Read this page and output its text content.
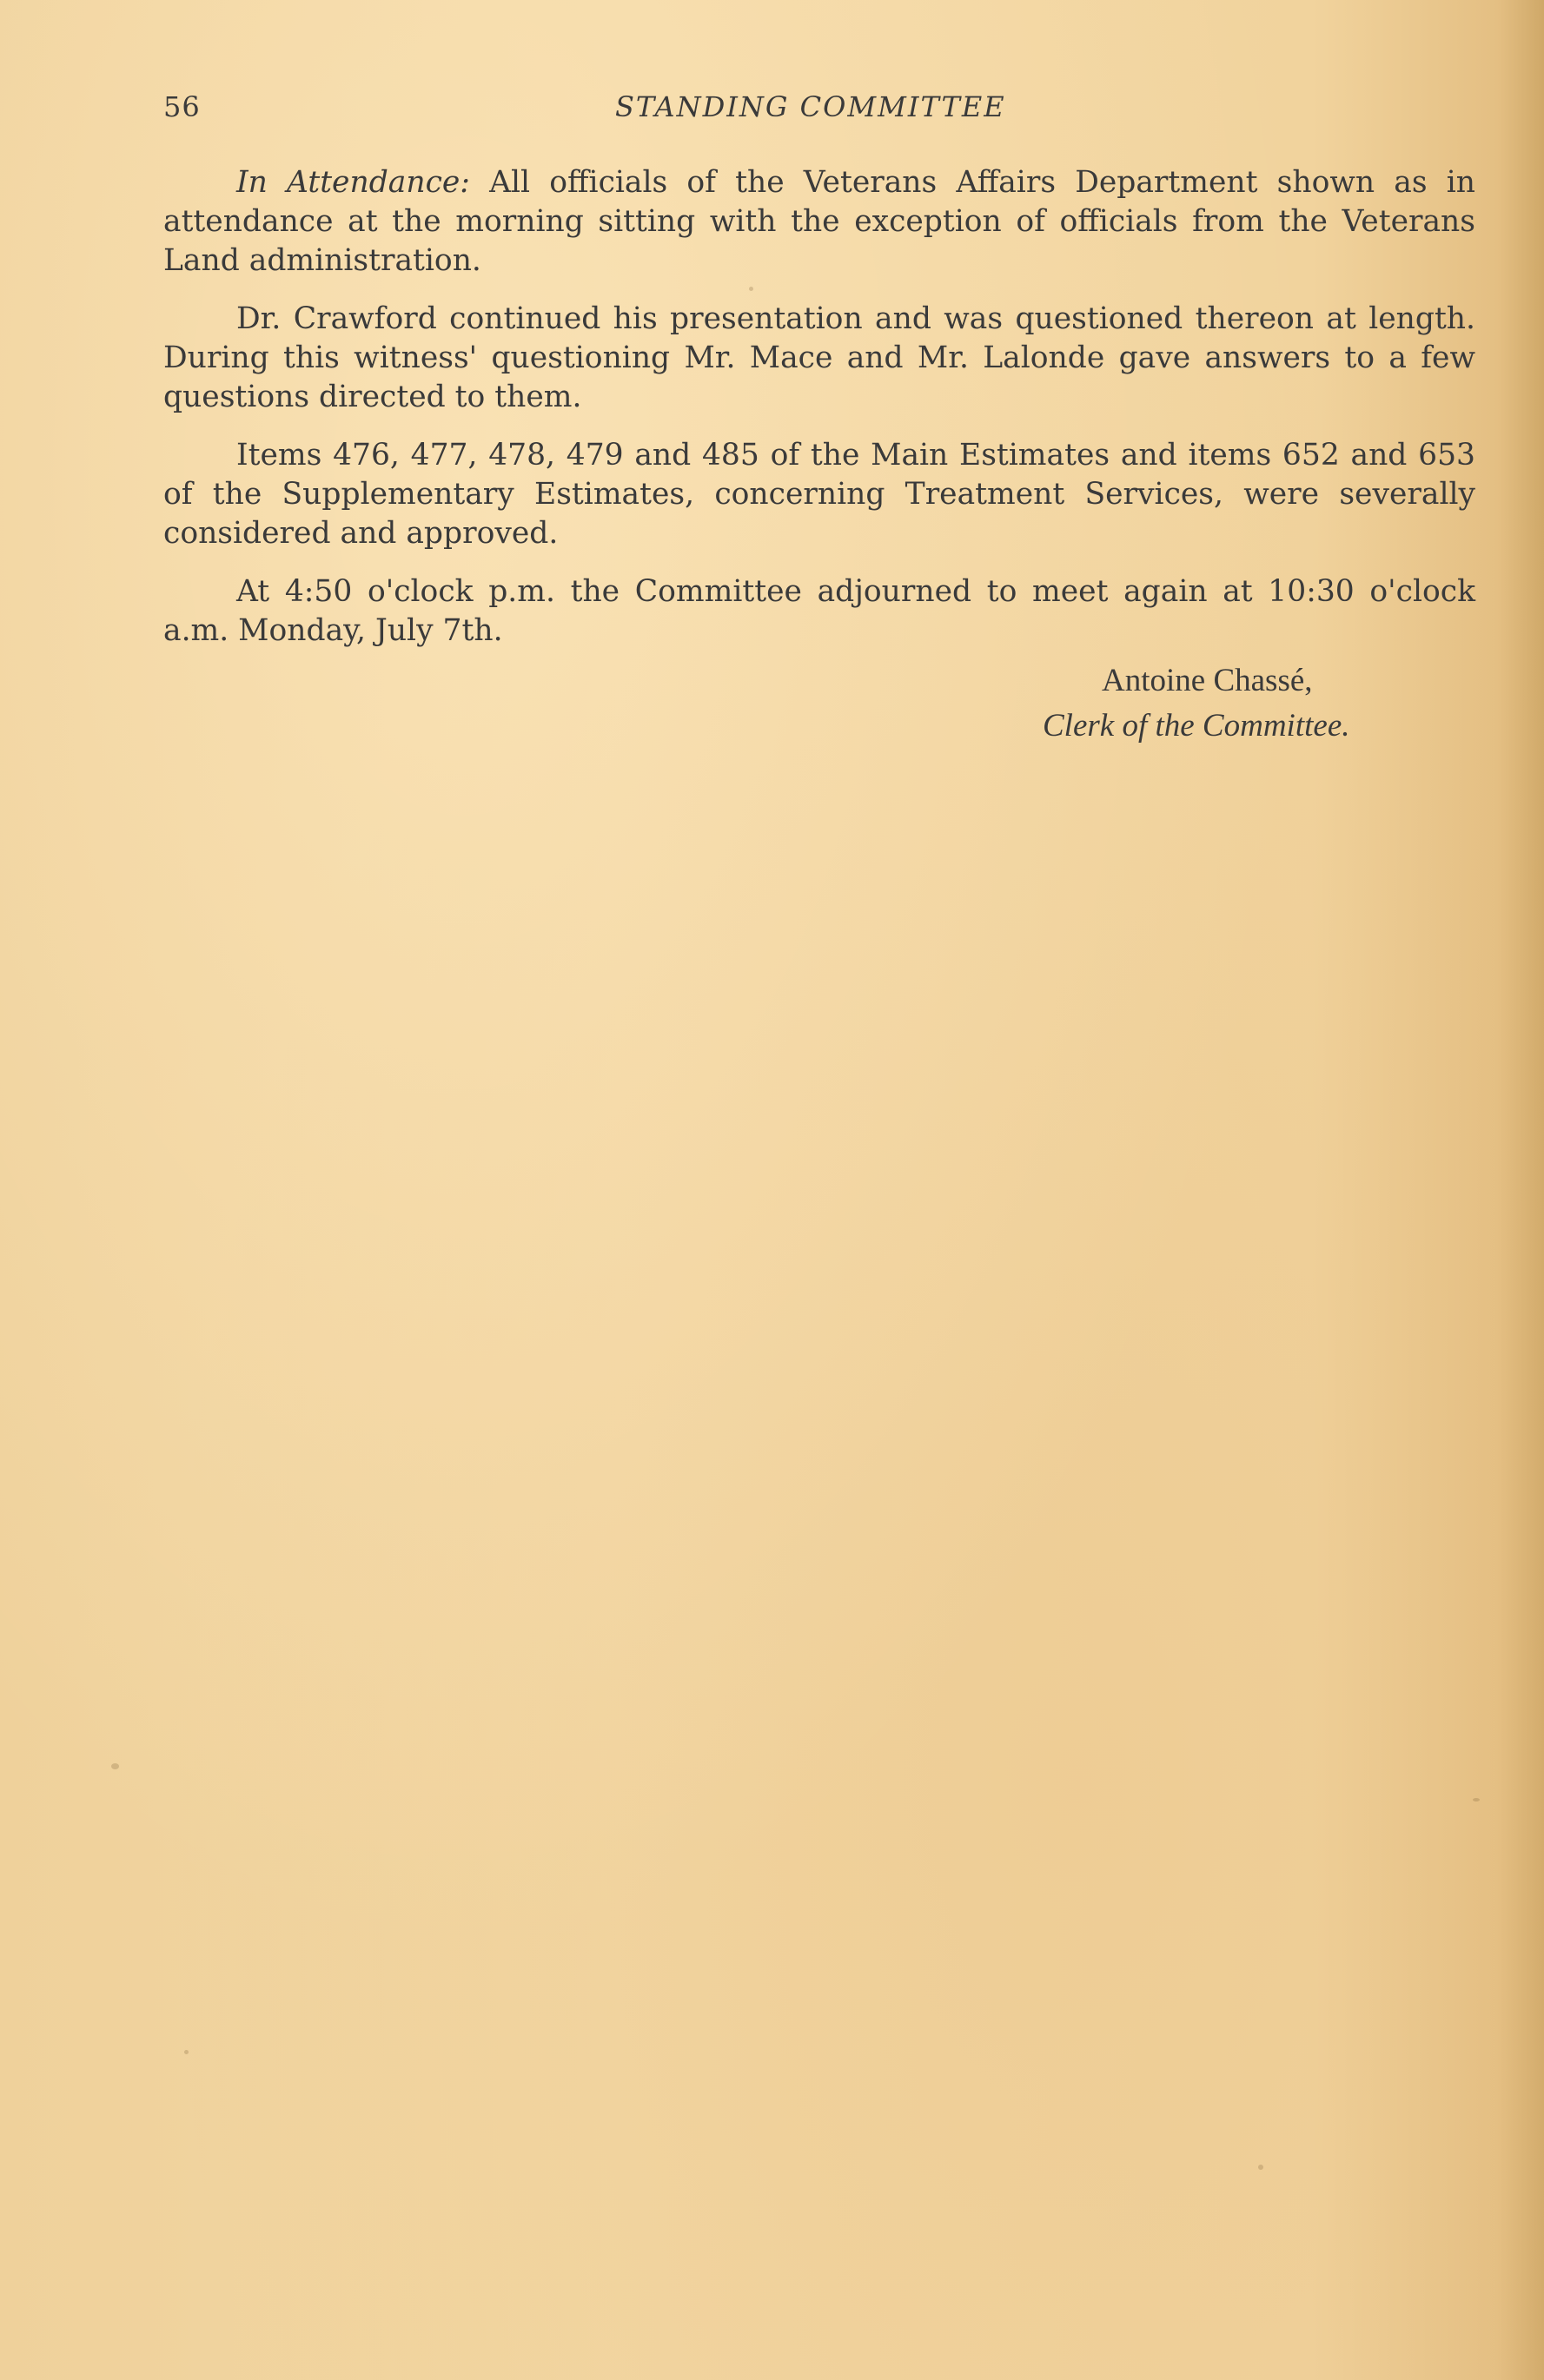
56	STANDING COMMITTEE

In Attendance: All officials of the Veterans Affairs Department shown as in attendance at the morning sitting with the exception of officials from the Veterans Land administration.

Dr. Crawford continued his presentation and was questioned thereon at length. During this witness' questioning Mr. Mace and Mr. Lalonde gave answers to a few questions directed to them.

Items 476, 477, 478, 479 and 485 of the Main Estimates and items 652 and 653 of the Supplementary Estimates, concerning Treatment Services, were severally considered and approved.

At 4:50 o'clock p.m. the Committee adjourned to meet again at 10:30 o'clock a.m. Monday, July 7th.

Antoine Chassé,
Clerk of the Committee.
